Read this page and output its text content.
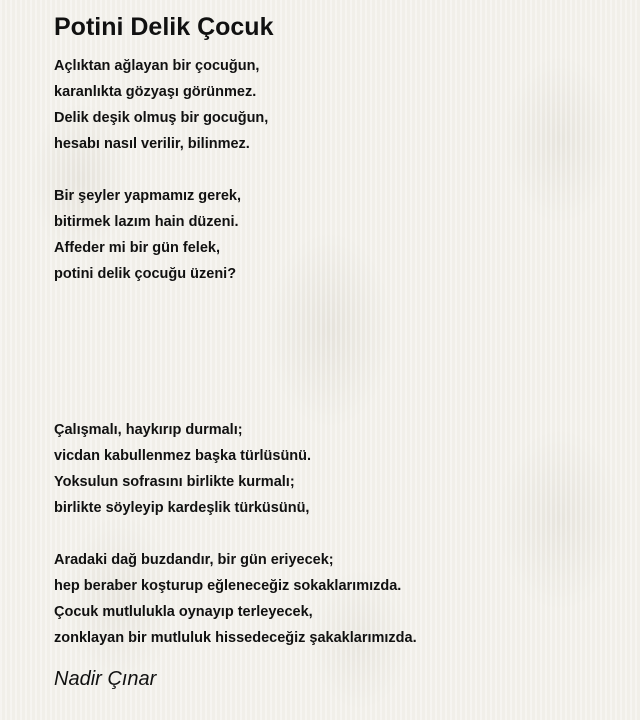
Potini Delik Çocuk
Açlıktan ağlayan bir çocuğun,
karanlıkta gözyaşı görünmez.
Delik deşik olmuş bir gocuğun,
hesabı nasıl verilir, bilinmez.
Bir şeyler yapmamız gerek,
bitirmek lazım hain düzeni.
Affeder mi bir gün felek,
potini delik çocuğu üzeni?
Çalışmalı, haykırıp durmalı;
vicdan kabullenmez başka türlüsünü.
Yoksulun sofrasını birlikte kurmalı;
birlikte söyleyip kardeşlik türküsünü,
Aradaki dağ buzdandır, bir gün eriyecek;
hep beraber koşturup eğleneceğiz sokaklarımızda.
Çocuk mutlulukla oynayıp terleyecek,
zonklayan bir mutluluk hissedeceğiz şakaklarımızda.
Nadir Çınar
